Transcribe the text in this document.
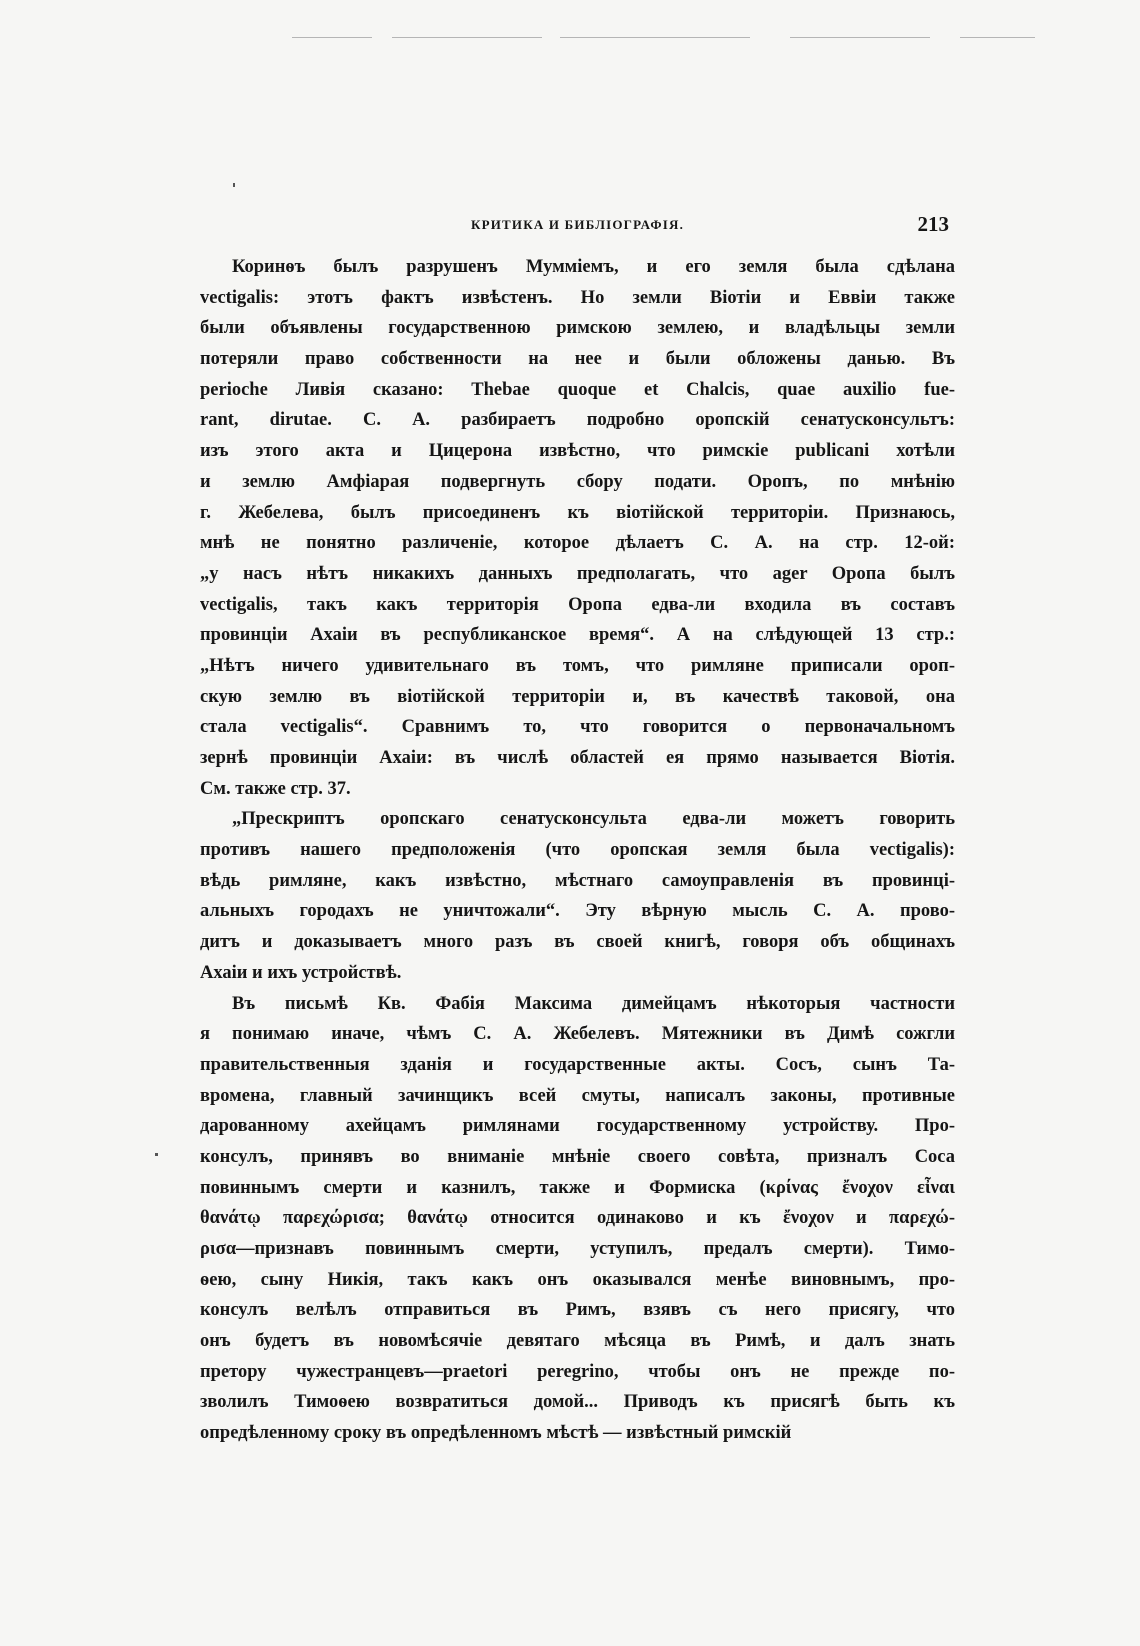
КРИТИКА И БИБЛІОГРАФІЯ.	213
Коринѳъ былъ разрушенъ Муммiемъ, и его земля была сдѣлана
vectigalis: этотъ фактъ извѣстенъ. Но земли Віотіи и Еввіи также
были объявлены государственною римскою землею, и владѣльцы земли
потеряли право собственности на нее и были обложены данью. Въ
periоche Ливія сказано: Thebae quoque et Chalcis, quae auxilio fue-
rant, dirutae. С. А. разбираетъ подробно оропскій сенатусконсультъ:
изъ этого акта и Цицерона извѣстно, что римскіе publicani хотѣли
и землю Амфіарая подвергнуть сбору подати. Оропъ, по мнѣнію
г. Жебелева, былъ присоединенъ къ віотійской территоріи. Признаюсь,
мнѣ не понятно различеніе, которое дѣлаетъ С. А. на стр. 12-ой:
„у насъ нѣтъ никакихъ данныхъ предполагать, что ager Оропа былъ
vectigalis, такъ какъ территорія Оропа едва-ли входила въ составъ
провинціи Ахаіи въ республиканское время“. А на слѣдующей 13 стр.:
„Нѣтъ ничего удивительнаго въ томъ, что римляне приписали ороп-
скую землю въ віотійской территоріи и, въ качествѣ таковой, она
стала vectigalis“. Сравнимъ то, что говорится о первоначальномъ
зернѣ провинціи Ахаіи: въ числѣ областей ея прямо называется Віотія.
См. также стр. 37.
„Прескриптъ оропскаго сенатусконсульта едва-ли можетъ говорить
противъ нашего предположенія (что оропская земля была vectigalis):
вѣдь римляне, какъ извѣстно, мѣстнаго самоуправленія въ провинці-
альныхъ городахъ не уничтожали“. Эту вѣрную мысль С. А. прово-
дитъ и доказываетъ много разъ въ своей книгѣ, говоря объ общинахъ
Ахаіи и ихъ устройствѣ.
Въ письмѣ Кв. Фабія Максима димейцамъ нѣкоторыя частности
я понимаю иначе, чѣмъ С. А. Жебелевъ. Мятежники въ Димѣ сожгли
правительственныя зданія и государственные акты. Сосъ, сынъ Та-
вромена, главный зачинщикъ всей смуты, написалъ законы, противные
дарованному ахейцамъ римлянами государственному устройству. Про-
консулъ, принявъ во вниманіе мнѣніе своего совѣта, призналъ Соса
повиннымъ смерти и казнилъ, также и Формиска (κρίνας ἔνοχον εἶναι
θανάτῳ παρεχώρισα; θανάτῳ относится одинаково и къ ἔνοχον и παρεχώ-
ρισα—признавъ повиннымъ смерти, уступилъ, предалъ смерти). Тимо-
ѳею, сыну Никія, такъ какъ онъ оказывался менѣе виновнымъ, про-
консулъ велѣлъ отправиться въ Римъ, взявъ съ него присягу, что
онъ будетъ въ новомѣсячіе девятаго мѣсяца въ Римѣ, и далъ знать
претору чужестранцевъ—praetori peregrino, чтобы онъ не прежде по-
зволилъ Тимоѳею возвратиться домой... Приводъ къ присягѣ быть къ
опредѣленному сроку въ опредѣленномъ мѣстѣ — извѣстный римскій
